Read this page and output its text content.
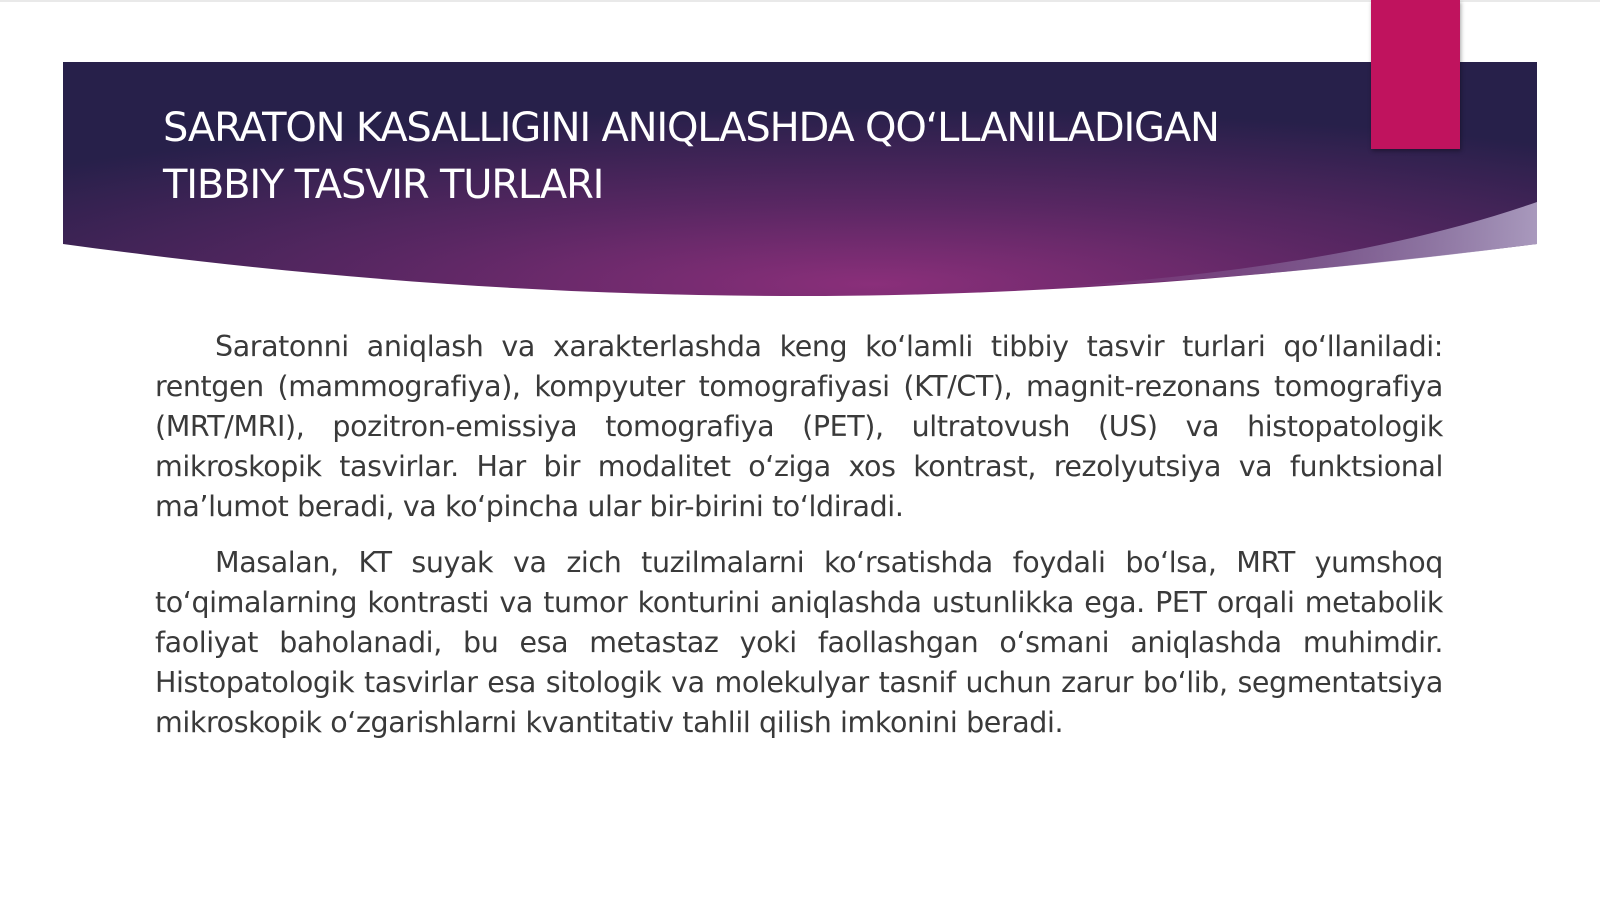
SARATON KASALLIGINI ANIQLASHDA QO‘LLANILADIGAN
TIBBIY TASVIR TURLARI

Saratonni aniqlash va xarakterlashda keng ko‘lamli tibbiy tasvir turlari qo‘llaniladi: rentgen (mammografiya), kompyuter tomografiyasi (KT/CT), magnit-rezonans tomografiya (MRT/MRI), pozitron-emissiya tomografiya (PET), ultratovush (US) va histopatologik mikroskopik tasvirlar. Har bir modalitet o‘ziga xos kontrast, rezolyutsiya va funktsional ma’lumot beradi, va ko‘pincha ular bir-birini to‘ldiradi.

Masalan, KT suyak va zich tuzilmalarni ko‘rsatishda foydali bo‘lsa, MRT yumshoq to‘qimalarning kontrasti va tumor konturini aniqlashda ustunlikka ega. PET orqali metabolik faoliyat baholanadi, bu esa metastaz yoki faollashgan o‘smani aniqlashda muhimdir. Histopatologik tasvirlar esa sitologik va molekulyar tasnif uchun zarur bo‘lib, segmentatsiya mikroskopik o‘zgarishlarni kvantitativ tahlil qilish imkonini beradi.
